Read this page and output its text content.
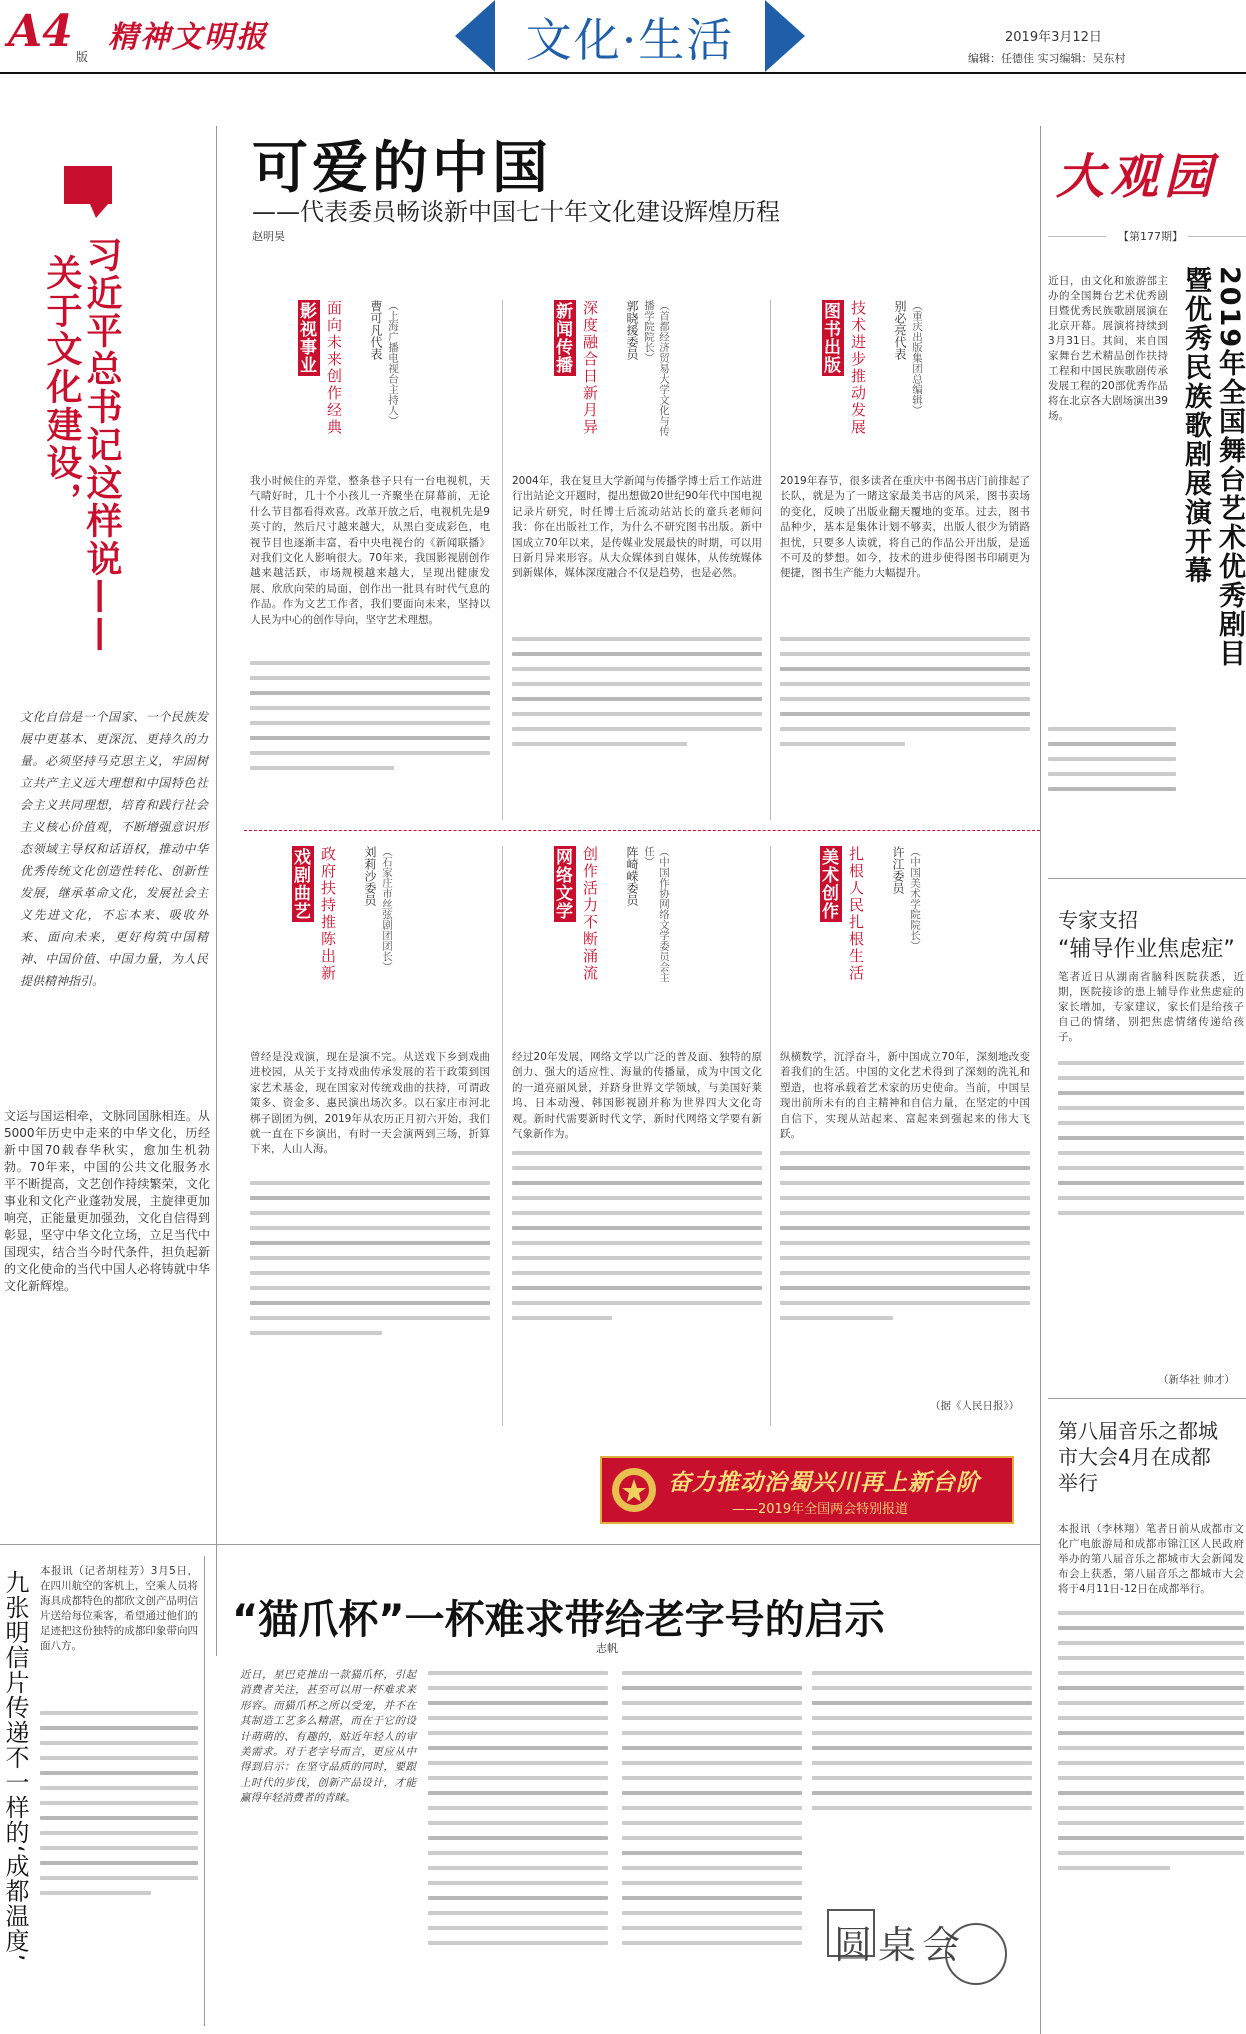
A4 版
精神文明报	文化·生活	2019年3月12日
编辑：任德佳 实习编辑：吴东村
习近平总书记这样说——
关于文化建设，
文化自信是一个国家、一个民族发展中更基本、更深沉、更持久的力量。必须坚持马克思主义，牢固树立共产主义远大理想和中国特色社会主义共同理想，培育和践行社会主义核心价值观，不断增强意识形态领域主导权和话语权，推动中华优秀传统文化创造性转化、创新性发展，继承革命文化，发展社会主义先进文化，不忘本来、吸收外来、面向未来，更好构筑中国精神、中国价值、中国力量，为人民提供精神指引。
文运与国运相牵，文脉同国脉相连。从5000年历史中走来的中华文化，历经新中国70载春华秋实，愈加生机勃勃。70年来，中国的公共文化服务水平不断提高，文艺创作持续繁荣，文化事业和文化产业蓬勃发展，主旋律更加响亮，正能量更加强劲，文化自信得到彰显，坚守中华文化立场，立足当代中国现实，结合当今时代条件，担负起新的文化使命的当代中国人必将铸就中华文化新辉煌。
可爱的中国
——代表委员畅谈新中国七十年文化建设辉煌历程
赵明昊
影视事业 面向未来创作经典 曹可凡代表 （上海广播电视台主持人）	新闻传播 深度融合日新月异 郭晓援委员	（首都经济贸易大学文化与传播学院院长）	图书出版 技术进步推动发展 别必亮代表 （重庆出版集团总编辑）
我小时候住的弄堂，整条巷子只有一台电视机，天气晴好时，几十个小孩儿一齐聚坐在屏幕前，无论什么节目都看得欢喜。改革开放之后，电视机先是9英寸的，然后尺寸越来越大，从黑白变成彩色，电视节目也逐渐丰富，看中央电视台的《新闻联播》对我们文化人影响很大。70年来，我国影视剧创作越来越活跃，市场规模越来越大，呈现出健康发展、欣欣向荣的局面，创作出一批具有时代气息的作品。作为文艺工作者，我们要面向未来，坚持以人民为中心的创作导向，坚守艺术理想。
2004年，我在复旦大学新闻与传播学博士后工作站进行出站论文开题时，提出想做20世纪90年代中国电视记录片研究，时任博士后流动站站长的童兵老师问我：你在出版社工作，为什么不研究图书出版。新中国成立70年以来，是传媒业发展最快的时期，可以用日新月异来形容。从大众媒体到自媒体，从传统媒体到新媒体，媒体深度融合不仅是趋势，也是必然。
2019年春节，很多读者在重庆中书阁书店门前排起了长队，就是为了一睹这家最美书店的风采，图书卖场的变化，反映了出版业翻天覆地的变革。过去，图书品种少，基本是集体计划不够卖，出版人很少为销路担忧，只要多人读就，将自己的作品公开出版，是遥不可及的梦想。如今，技术的进步使得图书印刷更为便捷，图书生产能力大幅提升。
戏剧曲艺 政府扶持推陈出新 刘莉沙委员 （石家庄市丝弦剧团团长）	网络文学 创作活力不断涌流 阵崎嵘委员	（中国作协网络文学委员会主任）	美术创作 扎根人民扎根生活 许江委员 （中国美术学院院长）
曾经是没戏演，现在是演不完。从送戏下乡到戏曲进校园，从关于支持戏曲传承发展的若干政策到国家艺术基金，现在国家对传统戏曲的扶持，可谓政策多、资金多、惠民演出场次多。以石家庄市河北梆子剧团为例，2019年从农历正月初六开始，我们就一直在下乡演出，有时一天会演两到三场，折算下来，人山人海。
经过20年发展，网络文学以广泛的普及面、独特的原创力、强大的适应性、海量的传播量，成为中国文化的一道亮丽风景，并跻身世界文学领域，与美国好莱坞、日本动漫、韩国影视剧并称为世界四大文化奇观。新时代需要新时代文学，新时代网络文学要有新气象新作为。
纵横数学，沉浮奋斗，新中国成立70年，深刻地改变着我们的生活。中国的文化艺术得到了深刻的洗礼和塑造，也将承载着艺术家的历史使命。当前，中国呈现出前所未有的自主精神和自信力量，在坚定的中国自信下，实现从站起来、富起来到强起来的伟大飞跃。
（据《人民日报》）
奋力推动治蜀兴川再上新台阶
——2019年全国两会特别报道
大观园
【第177期】
2019年全国舞台艺术优秀剧目
暨优秀民族歌剧展演开幕
近日，由文化和旅游部主办的全国舞台艺术优秀剧目暨优秀民族歌剧展演在北京开幕。展演将持续到3月31日。其间，来自国家舞台艺术精品创作扶持工程和中国民族歌剧传承发展工程的20部优秀作品将在北京各大剧场演出39场。
专家支招
“辅导作业焦虑症”
笔者近日从湖南省脑科医院获悉，近期，医院接诊的患上辅导作业焦虑症的家长增加，专家建议，家长们是给孩子自己的情绪，别把焦虑情绪传递给孩子。
（新华社 帅才）
第八届音乐之都城市大会4月在成都举行
本报讯（李林翔）笔者日前从成都市文化广电旅游局和成都市锦江区人民政府举办的第八届音乐之都城市大会新闻发布会上获悉，第八届音乐之都城市大会将于4月11日-12日在成都举行。
九张明信片传递不一样的‘成都温度’ 本报讯（记者胡桂芳）3月5日，在四川航空的客机上，空乘人员将海具成都特色的都欣文创产品明信片送给每位乘客，希望通过他们的足迹把这份独特的成都印象带向四面八方。
“猫爪杯”一杯难求带给老字号的启示
志帆
近日，星巴克推出一款猫爪杯，引起消费者关注，甚至可以用一杯难求来形容。而猫爪杯之所以受宠，并不在其制造工艺多么精湛，而在于它的设计萌萌的、有趣的，贴近年轻人的审美需求。对于老字号而言，更应从中得到启示：在坚守品质的同时，要跟上时代的步伐，创新产品设计，才能赢得年轻消费者的青睐。
圆桌会
